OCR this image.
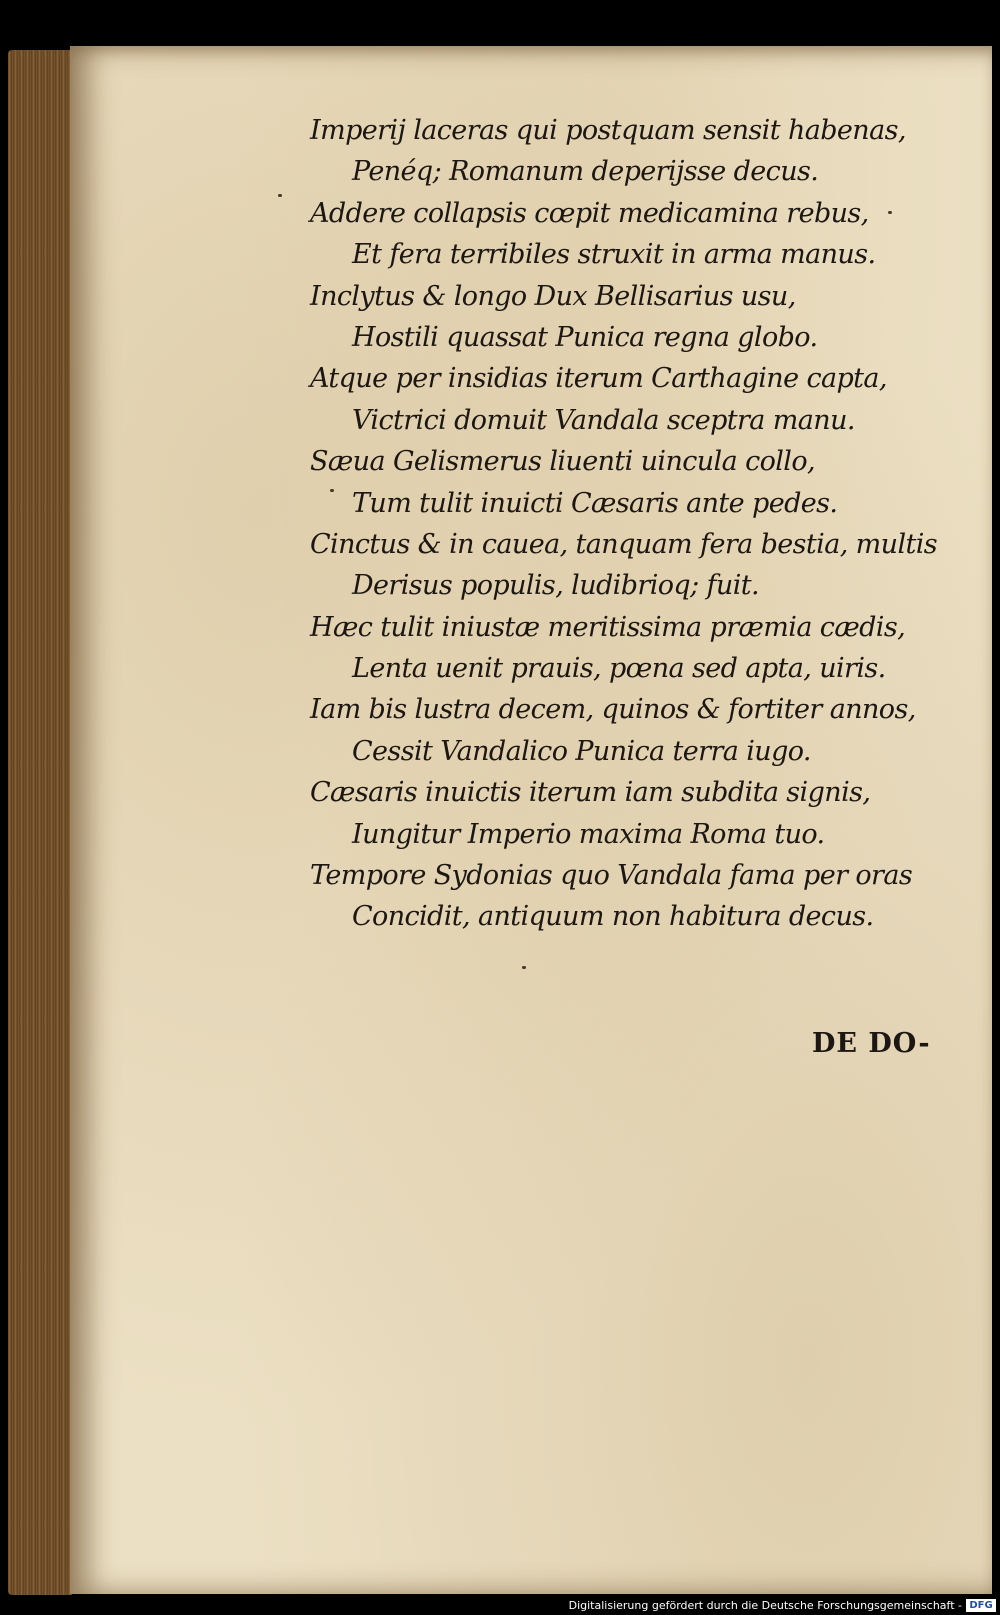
Imperij laceras qui postquam sensit habenas,
Penéq; Romanum deperijsse decus.
Addere collapsis cœpit medicamina rebus,
Et fera terribiles struxit in arma manus.
Inclytus & longo Dux Bellisarius usu,
Hostili quassat Punica regna globo.
Atque per insidias iterum Carthagine capta,
Victrici domuit Vandala sceptra manu.
Sæua Gelismerus liuenti uincula collo,
Tum tulit inuicti Cæsaris ante pedes.
Cinctus & in cauea, tanquam fera bestia, multis
Derisus populis, ludibrioq; fuit.
Hæc tulit iniustæ meritissima præmia cædis,
Lenta uenit prauis, pœna sed apta, uiris.
Iam bis lustra decem, quinos & fortiter annos,
Cessit Vandalico Punica terra iugo.
Cæsaris inuictis iterum iam subdita signis,
Iungitur Imperio maxima Roma tuo.
Tempore Sydonias quo Vandala fama per oras
Concidit, antiquum non habitura decus.
DE DO-
Digitalisierung gefördert durch die Deutsche Forschungsgemeinschaft - DFG
